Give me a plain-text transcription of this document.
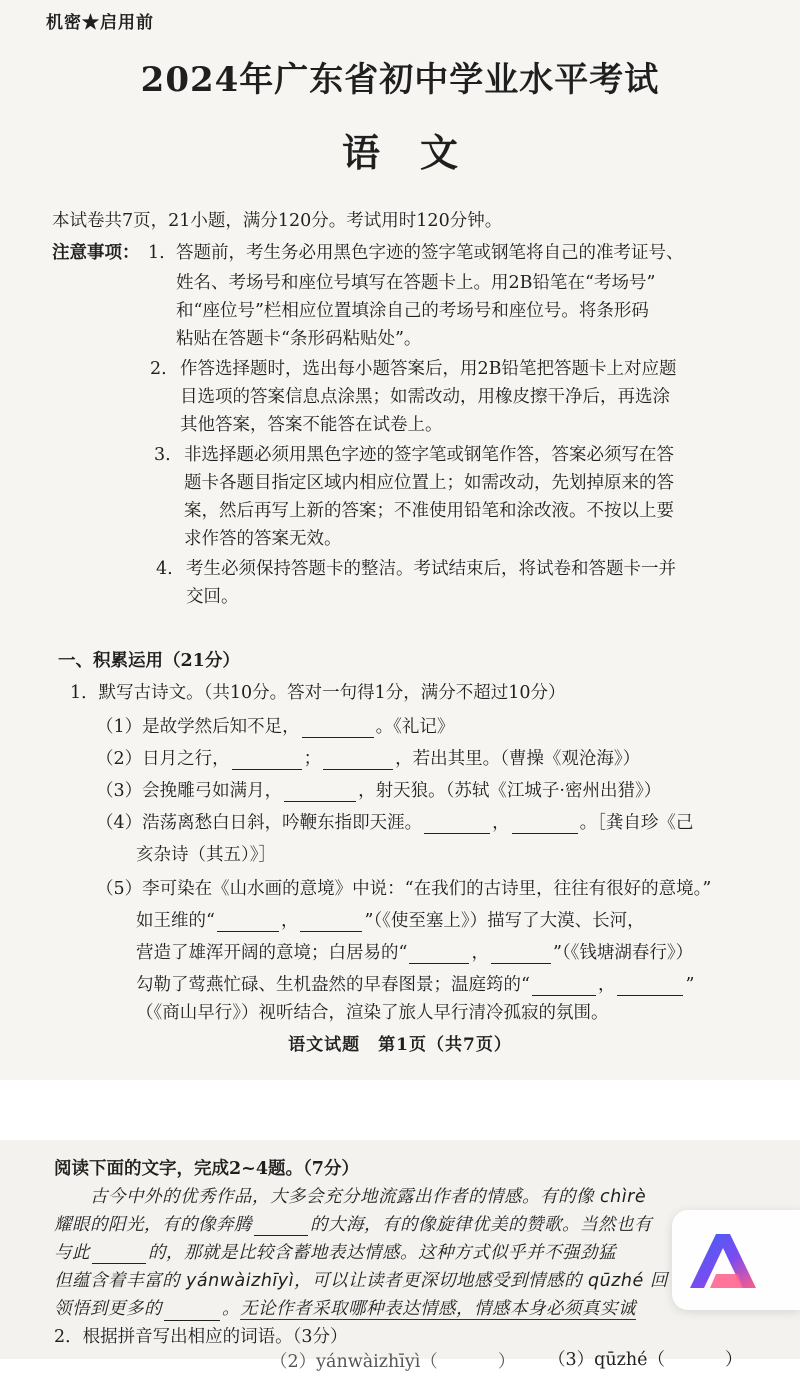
机密★启用前
2024年广东省初中学业水平考试
语文
本试卷共7页，21小题，满分120分。考试用时120分钟。
注意事项： 1. 答题前，考生务必用黑色字迹的签字笔或钢笔将自己的准考证号、
姓名、考场号和座位号填写在答题卡上。用2B铅笔在“考场号”
和“座位号”栏相应位置填涂自己的考场号和座位号。将条形码
粘贴在答题卡“条形码粘贴处”。
2. 作答选择题时，选出每小题答案后，用2B铅笔把答题卡上对应题
目选项的答案信息点涂黑；如需改动，用橡皮擦干净后，再选涂
其他答案，答案不能答在试卷上。
3. 非选择题必须用黑色字迹的签字笔或钢笔作答，答案必须写在答
题卡各题目指定区域内相应位置上；如需改动，先划掉原来的答
案，然后再写上新的答案；不准使用铅笔和涂改液。不按以上要
求作答的答案无效。
4. 考生必须保持答题卡的整洁。考试结束后，将试卷和答题卡一并
交回。
一、积累运用（21分）
1．默写古诗文。（共10分。答对一句得1分，满分不超过10分）
（1）是故学然后知不足，	。《礼记》
（2）日月之行，	；	，若出其里。（曹操《观沧海》）
（3）会挽雕弓如满月，	，射天狼。（苏轼《江城子·密州出猎》）
（4）浩荡离愁白日斜，吟鞭东指即天涯。	，	。［龚自珍《己
亥杂诗（其五）》］
（5）李可染在《山水画的意境》中说：“在我们的古诗里，往往有很好的意境。”
如王维的“	，	”（《使至塞上》）描写了大漠、长河，
营造了雄浑开阔的意境；白居易的“	，	”（《钱塘湖春行》）
勾勒了莺燕忙碌、生机盎然的早春图景；温庭筠的“	，	”
（《商山早行》）视听结合，渲染了旅人早行清冷孤寂的氛围。
语文试题　第1页（共7页）
阅读下面的文字，完成2~4题。（7分）
古今中外的优秀作品，大多会充分地流露出作者的情感。有的像 chìrè
耀眼的阳光，有的像奔腾	的大海，有的像旋律优美的赞歌。当然也有
与此	的，那就是比较含蓄地表达情感。这种方式似乎并不强劲猛
但蕴含着丰富的 yánwàizhīyì，可以让读者更深切地感受到情感的 qūzhé 回
领悟到更多的	。无论作者采取哪种表达情感，情感本身必须真实诚
2．根据拼音写出相应的词语。（3分）
（2）yánwàizhīyì（	） （3）qūzhé（	）
